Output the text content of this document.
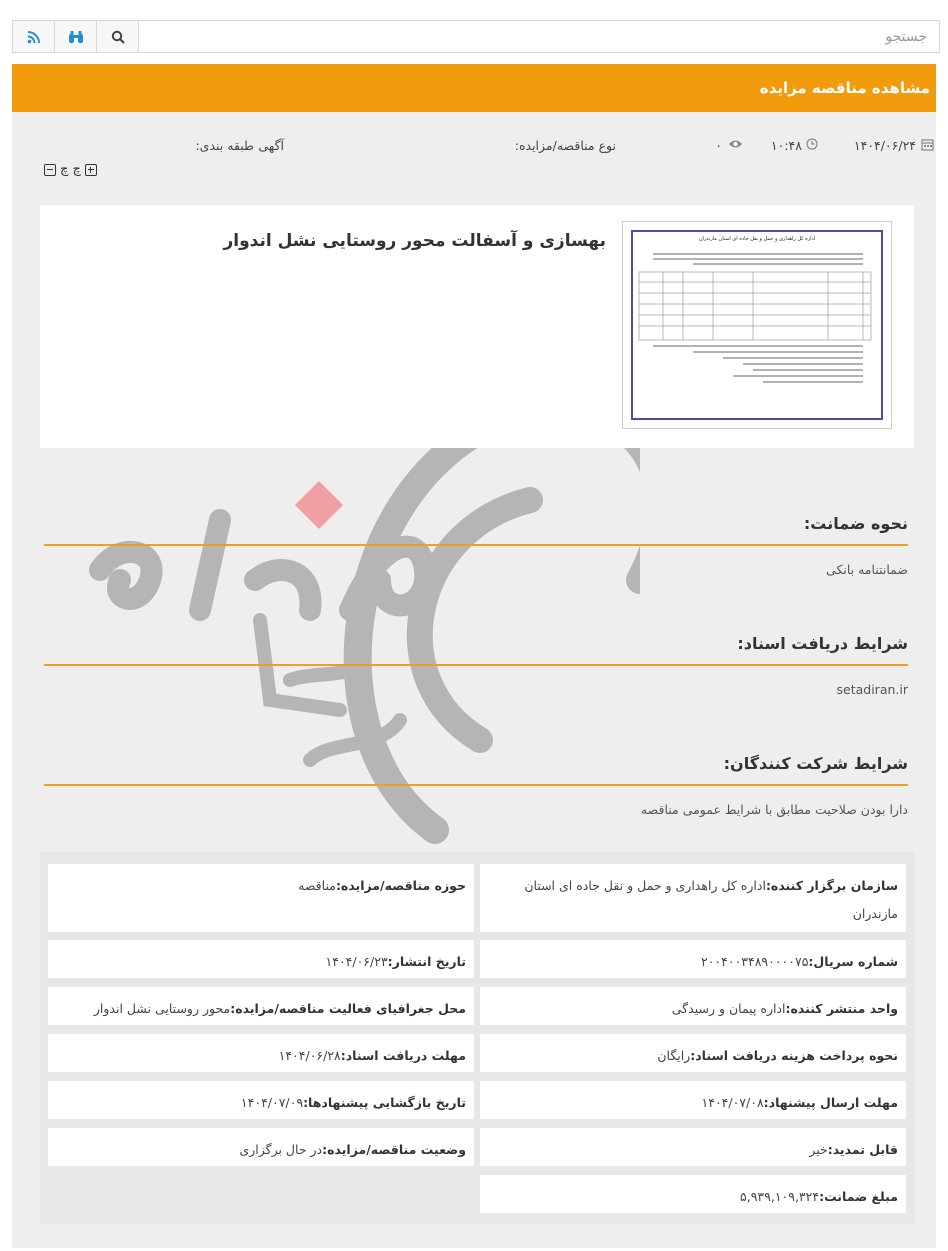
جستجو
مشاهده مناقصه مزایده
۱۴۰۴/۰۶/۲۴
۱۰:۴۸
۰
نوع مناقصه/مزایده:
آگهی
طبقه بندی:
چ چ
اداره کل راهداری و حمل و نقل جاده ای استان مازندران
بهسازی و آسفالت محور روستایی نشل اندوار
نحوه ضمانت:
ضمانتنامه بانکی
شرایط دریافت اسناد:
setadiran.ir
شرایط شرکت کنندگان:
دارا بودن صلاحیت مطابق با شرایط عمومی مناقصه
سازمان برگزار کننده:اداره کل راهداری و حمل و نقل جاده ای استان مازندران
شماره سریال:۲۰۰۴۰۰۳۴۸۹۰۰۰۰۷۵
واحد منتشر کننده:اداره پیمان و رسیدگی
نحوه پرداخت هزینه دریافت اسناد:رایگان
مهلت ارسال پیشنهاد:۱۴۰۴/۰۷/۰۸
قابل تمدید:خیر
مبلغ ضمانت:۵,۹۳۹,۱۰۹,۳۲۴
حوزه مناقصه/مزایده:مناقصه
تاریخ انتشار:۱۴۰۴/۰۶/۲۳
محل جغرافیای فعالیت مناقصه/مزایده:محور روستایی نشل اندوار
مهلت دریافت اسناد:۱۴۰۴/۰۶/۲۸
تاریخ بازگشایی پیشنهادها:۱۴۰۴/۰۷/۰۹
وضعیت مناقصه/مزایده:در حال برگزاری
